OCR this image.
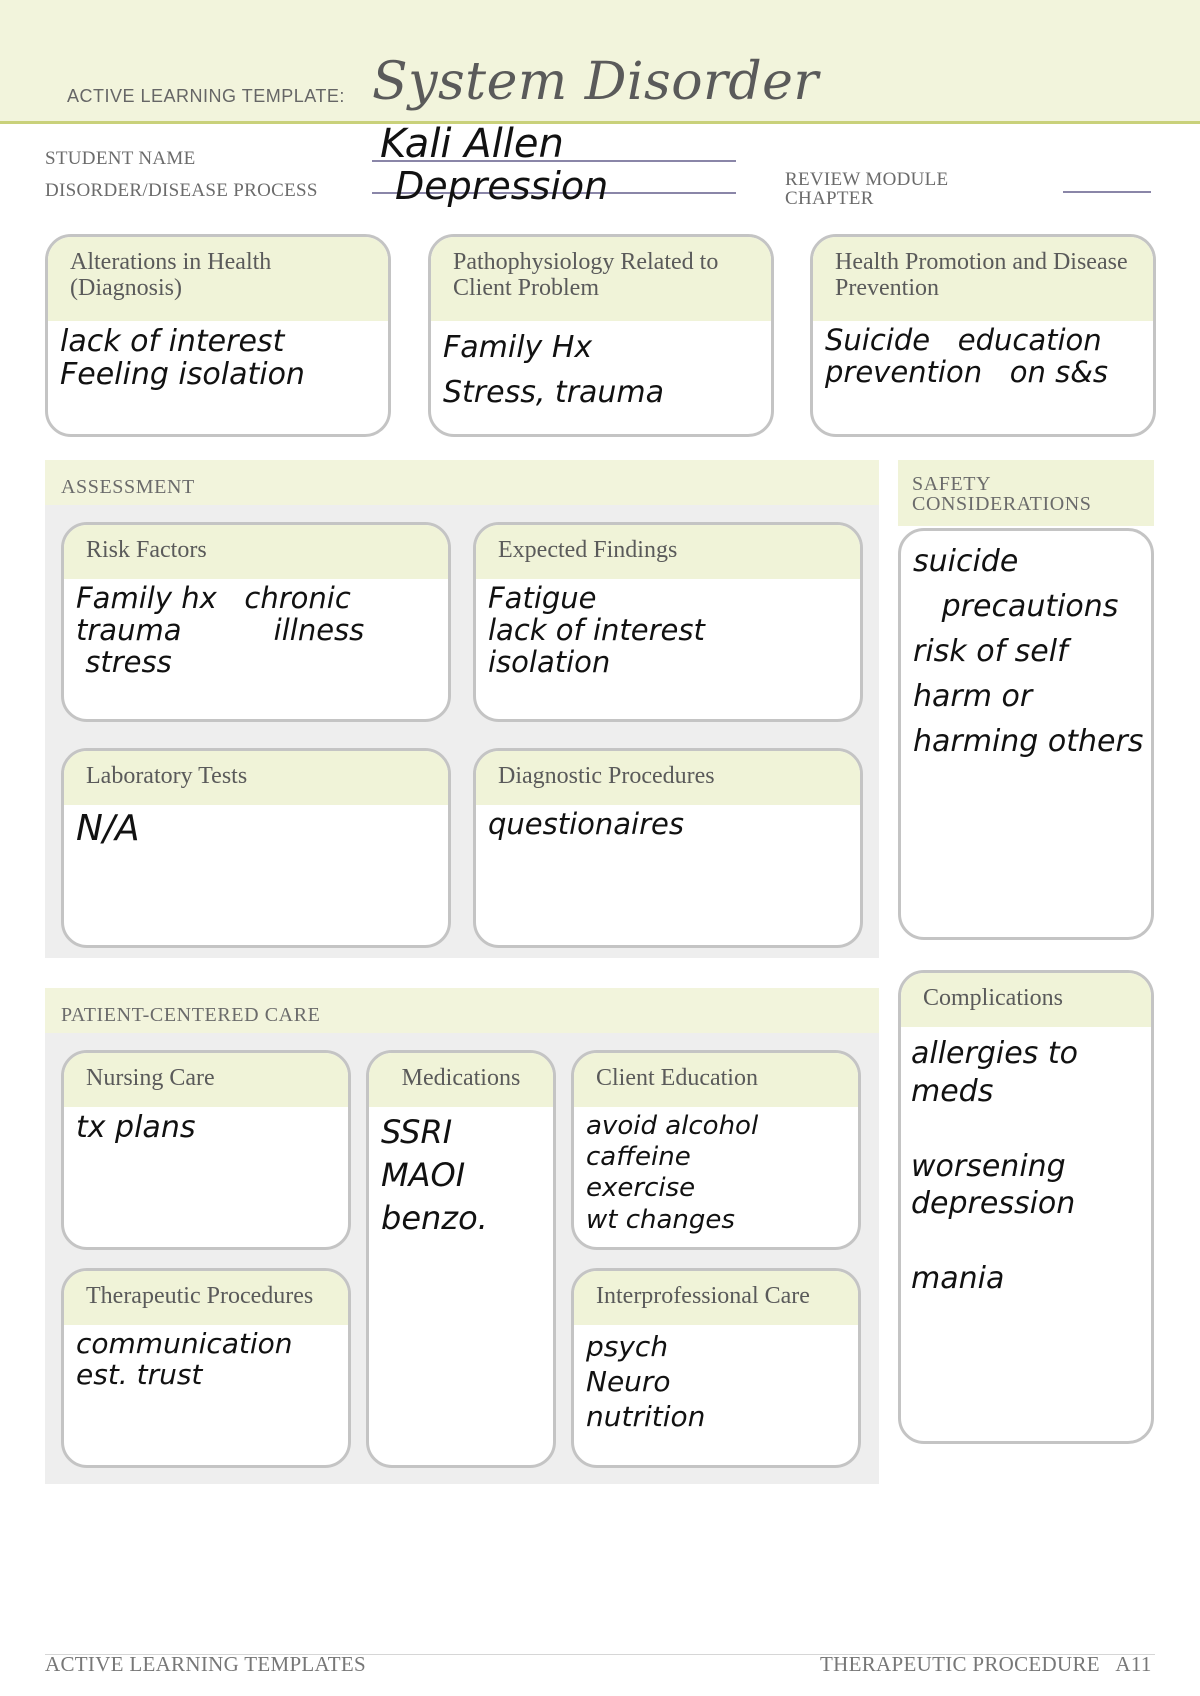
ACTIVE LEARNING TEMPLATE: System Disorder
STUDENT NAME	Kali Allen
DISORDER/DISEASE PROCESS Depression	REVIEW MODULE
CHAPTER
Alterations in Health (Diagnosis)
lack of interest
Feeling isolation
Pathophysiology Related to Client Problem
Family Hx
Stress, trauma
Health Promotion and Disease Prevention
Suicide   education
prevention   on s&s
ASSESSMENT
Risk Factors
Family hx   chronic
trauma          illness
stress
Expected Findings
Fatigue
lack of interest
isolation
Laboratory Tests
N/A
Diagnostic Procedures
questionaires
SAFETY
CONSIDERATIONS
suicide
precautions
risk of self
harm or
harming others
PATIENT-CENTERED CARE
Nursing Care
tx plans
Medications
SSRI
MAOI
benzo.
Client Education
avoid alcohol
caffeine
exercise
wt changes
Therapeutic Procedures
communication
est. trust
Interprofessional Care
psych
Neuro
nutrition
Complications
allergies to
meds

worsening
depression

mania
ACTIVE LEARNING TEMPLATES	THERAPEUTIC PROCEDURE   A11
